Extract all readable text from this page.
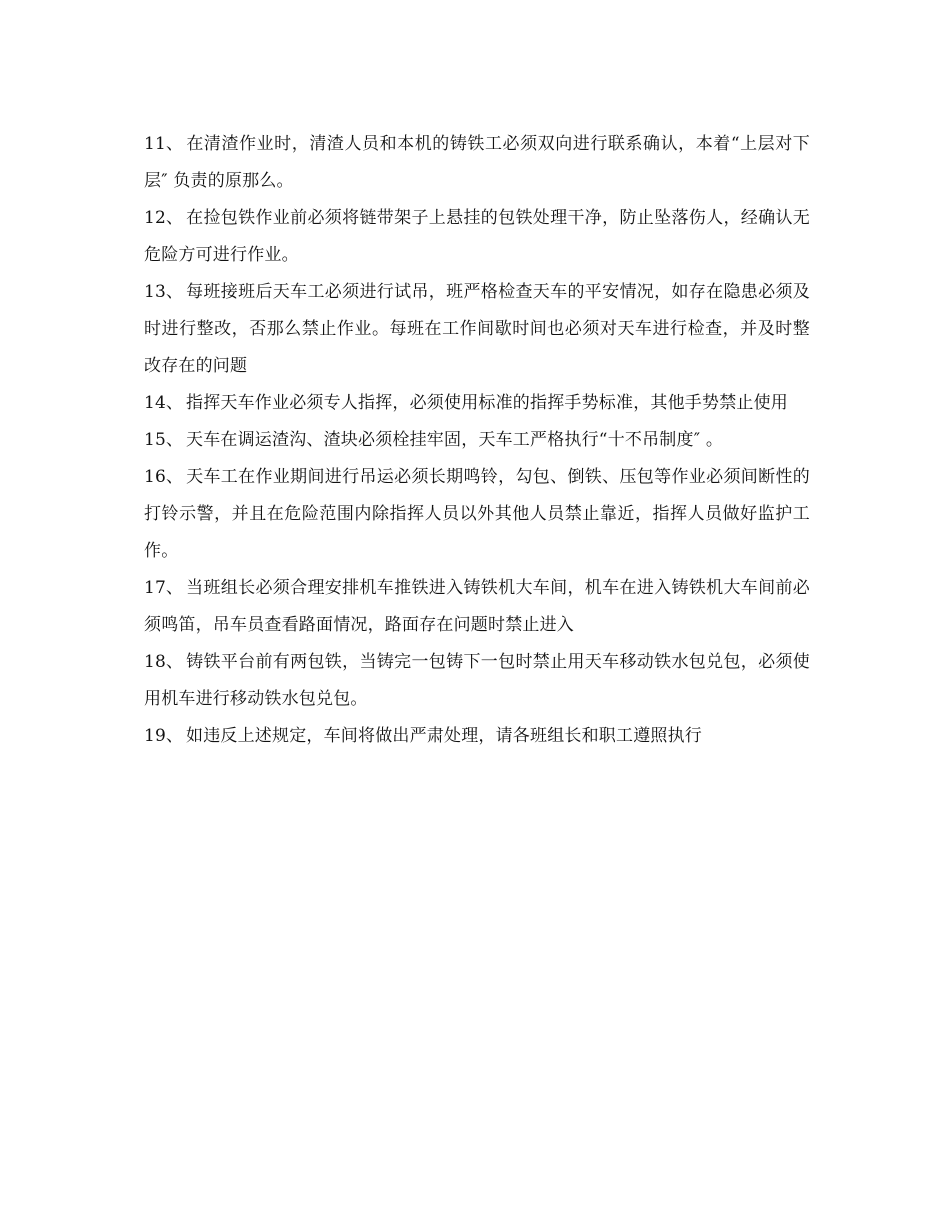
11、 在清渣作业时，清渣人员和本机的铸铁工必须双向进行联系确认，本着“上层对下层″ 负责的原那么。

12、 在捡包铁作业前必须将链带架子上悬挂的包铁处理干净，防止坠落伤人，经确认无危险方可进行作业。

13、 每班接班后天车工必须进行试吊，班严格检查天车的平安情况，如存在隐患必须及时进行整改，否那么禁止作业。每班在工作间歇时间也必须对天车进行检查，并及时整改存在的问题

14、 指挥天车作业必须专人指挥，必须使用标准的指挥手势标准，其他手势禁止使用

15、 天车在调运渣沟、渣块必须栓挂牢固，天车工严格执行“十不吊制度″ 。

16、 天车工在作业期间进行吊运必须长期鸣铃，勾包、倒铁、压包等作业必须间断性的打铃示警，并且在危险范围内除指挥人员以外其他人员禁止靠近，指挥人员做好监护工作。

17、 当班组长必须合理安排机车推铁进入铸铁机大车间，机车在进入铸铁机大车间前必须鸣笛，吊车员查看路面情况，路面存在问题时禁止进入

18、 铸铁平台前有两包铁，当铸完一包铸下一包时禁止用天车移动铁水包兑包，必须使用机车进行移动铁水包兑包。

19、 如违反上述规定，车间将做出严肃处理，请各班组长和职工遵照执行
